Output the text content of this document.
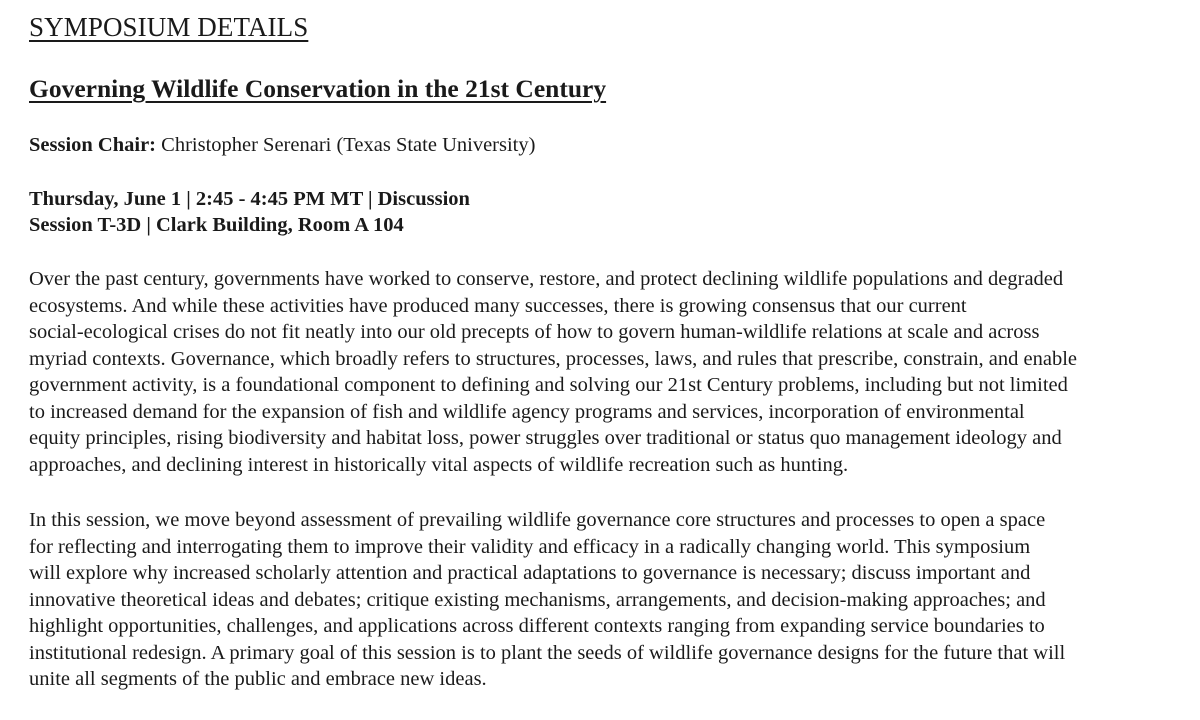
SYMPOSIUM DETAILS
Governing Wildlife Conservation in the 21st Century

Session Chair: Christopher Serenari (Texas State University)

Thursday, June 1 | 2:45 - 4:45 PM MT | Discussion
Session T-3D | Clark Building, Room A 104
Over the past century, governments have worked to conserve, restore, and protect declining wildlife populations and degraded
ecosystems. And while these activities have produced many successes, there is growing consensus that our current
social-ecological crises do not fit neatly into our old precepts of how to govern human-wildlife relations at scale and across
myriad contexts. Governance, which broadly refers to structures, processes, laws, and rules that prescribe, constrain, and enable
government activity, is a foundational component to defining and solving our 21st Century problems, including but not limited
to increased demand for the expansion of fish and wildlife agency programs and services, incorporation of environmental
equity principles, rising biodiversity and habitat loss, power struggles over traditional or status quo management ideology and
approaches, and declining interest in historically vital aspects of wildlife recreation such as hunting.
In this session, we move beyond assessment of prevailing wildlife governance core structures and processes to open a space
for reflecting and interrogating them to improve their validity and efficacy in a radically changing world. This symposium
will explore why increased scholarly attention and practical adaptations to governance is necessary; discuss important and
innovative theoretical ideas and debates; critique existing mechanisms, arrangements, and decision-making approaches; and
highlight opportunities, challenges, and applications across different contexts ranging from expanding service boundaries to
institutional redesign. A primary goal of this session is to plant the seeds of wildlife governance designs for the future that will
unite all segments of the public and embrace new ideas.
